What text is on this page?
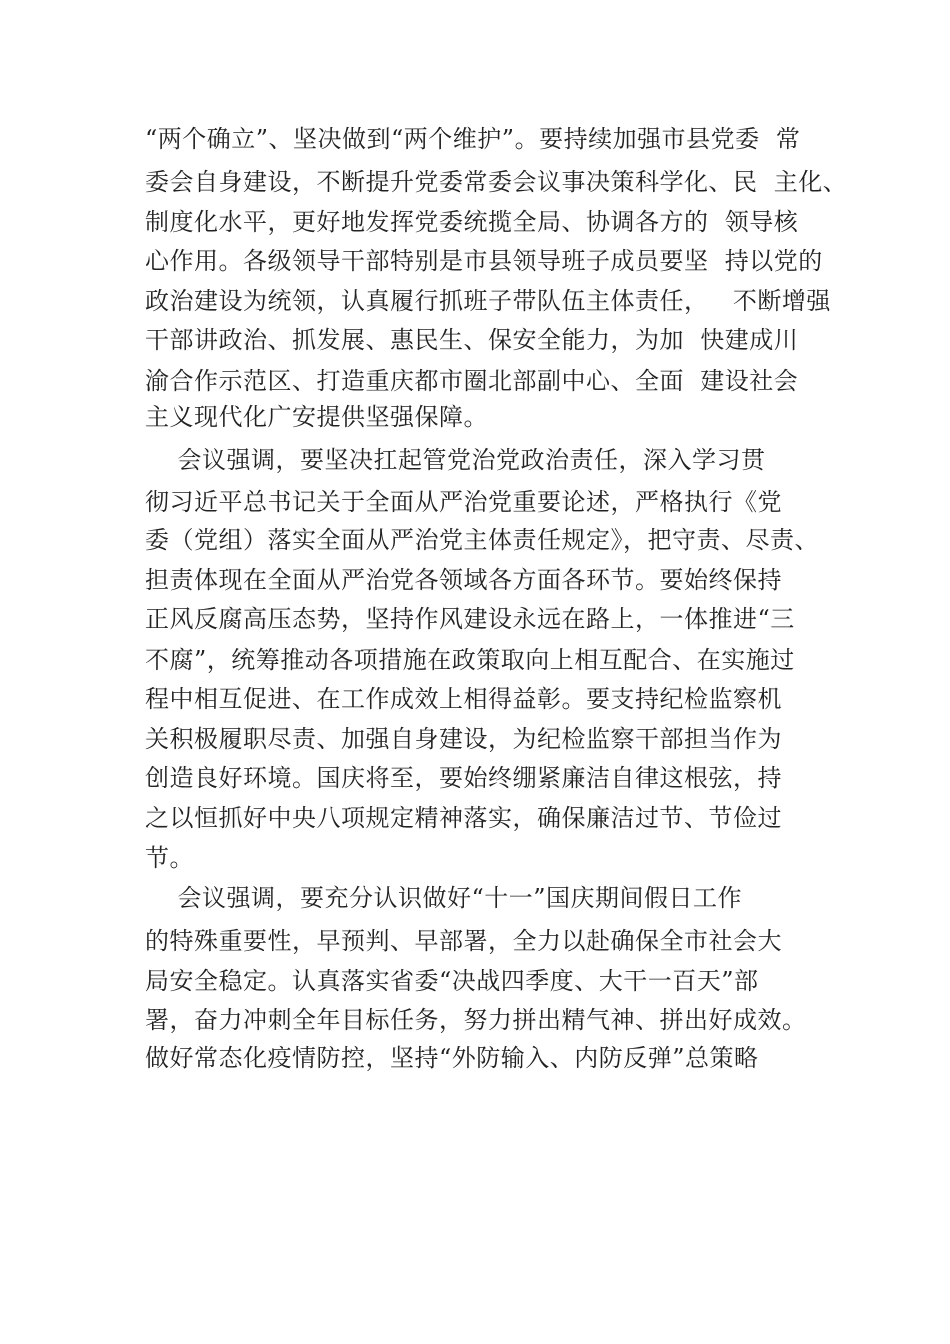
“两个确立”、坚决做到“两个维护”。要持续加强市县党委  常
委会自身建设，不断提升党委常委会议事决策科学化、民  主化、
制度化水平，更好地发挥党委统揽全局、协调各方的  领导核
心作用。各级领导干部特别是市县领导班子成员要坚  持以党的
政治建设为统领，认真履行抓班子带队伍主体责任，   不断增强
干部讲政治、抓发展、惠民生、保安全能力，为加  快建成川
渝合作示范区、打造重庆都市圈北部副中心、全面  建设社会
主义现代化广安提供坚强保障。
会议强调，要坚决扛起管党治党政治责任，深入学习贯
彻习近平总书记关于全面从严治党重要论述，严格执行《党
委（党组）落实全面从严治党主体责任规定》，把守责、尽责、
担责体现在全面从严治党各领域各方面各环节。要始终保持
正风反腐高压态势，坚持作风建设永远在路上，一体推进“三
不腐”，统筹推动各项措施在政策取向上相互配合、在实施过
程中相互促进、在工作成效上相得益彰。要支持纪检监察机
关积极履职尽责、加强自身建设，为纪检监察干部担当作为
创造良好环境。国庆将至，要始终绷紧廉洁自律这根弦，持
之以恒抓好中央八项规定精神落实，确保廉洁过节、节俭过
节。
会议强调，要充分认识做好“十一”国庆期间假日工作
的特殊重要性，早预判、早部署，全力以赴确保全市社会大
局安全稳定。认真落实省委“决战四季度、大干一百天”部
署，奋力冲刺全年目标任务，努力拼出精气神、拼出好成效。
做好常态化疫情防控，坚持“外防输入、内防反弹”总策略
